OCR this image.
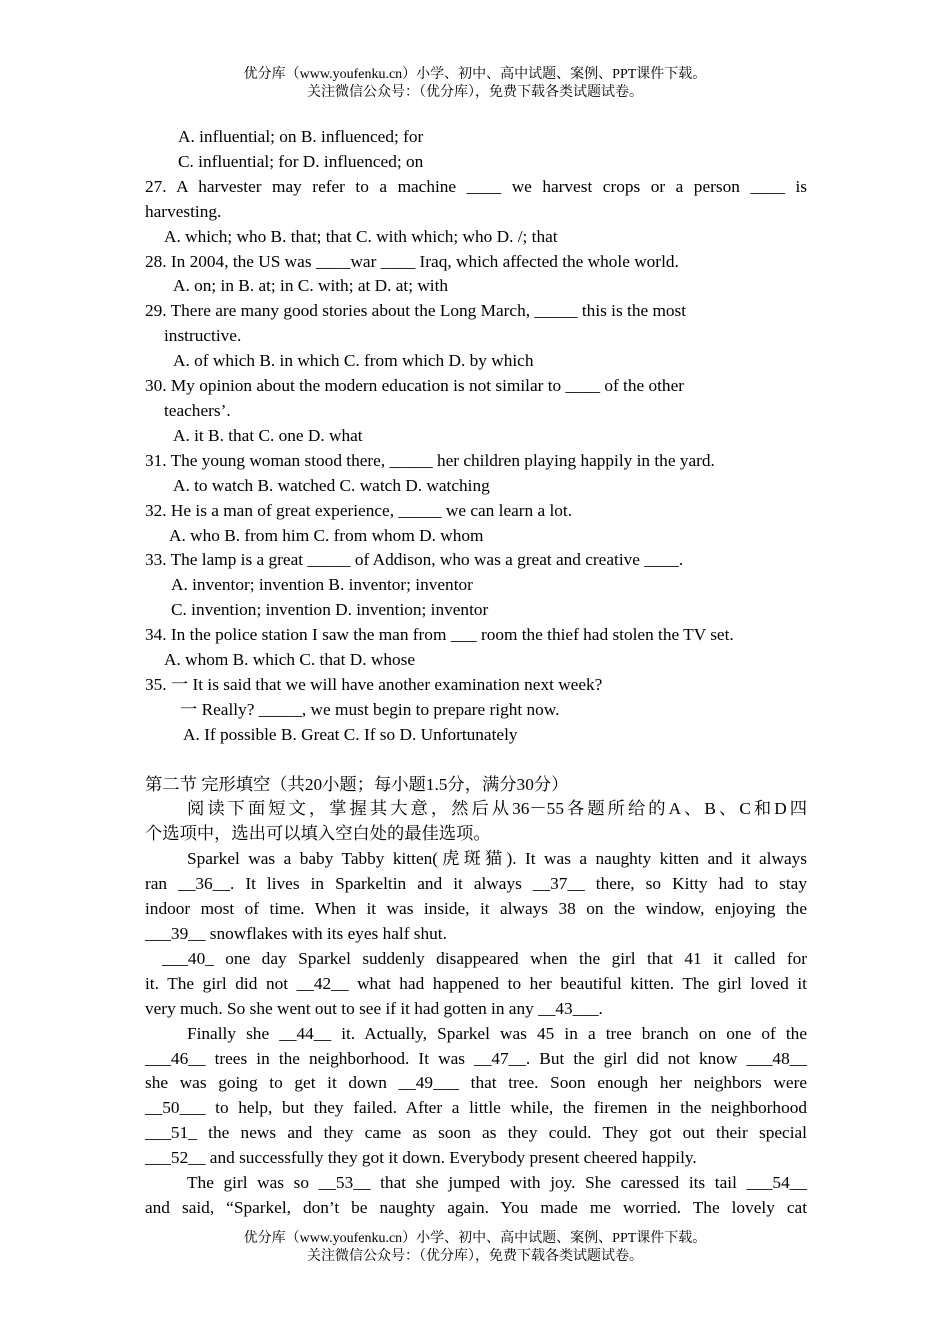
优分库（www.youfenku.cn）小学、初中、高中试题、案例、PPT课件下载。
关注微信公众号：（优分库），免费下载各类试题试卷。
A. influential; on B. influenced; for
C. influential; for D. influenced; on
27. A harvester may refer to a machine ____ we harvest crops or a person ____ is
harvesting.
A. which; who B. that; that C. with which; who D. /; that
28. In 2004, the US was ____war ____ Iraq, which affected the whole world.
A. on; in B. at; in C. with; at D. at; with
29. There are many good stories about the Long March, _____ this is the most
instructive.
A. of which B. in which C. from which D. by which
30. My opinion about the modern education is not similar to ____ of the other
teachers’.
A. it B. that C. one D. what
31. The young woman stood there, _____ her children playing happily in the yard.
A. to watch B. watched C. watch D. watching
32. He is a man of great experience, _____ we can learn a lot.
A. who B. from him C. from whom D. whom
33. The lamp is a great _____ of Addison, who was a great and creative ____.
A. inventor; invention B. inventor; inventor
C. invention; invention D. invention; inventor
34. In the police station I saw the man from ___ room the thief had stolen the TV set.
A. whom B. which C. that D. whose
35. 一 It is said that we will have another examination next week?
一 Really? _____, we must begin to prepare right now.
A. If possible B. Great C. If so D. Unfortunately
第二节 完形填空（共20小题；每小题1.5分，满分30分）
阅读下面短文，掌握其大意，然后从36－55各题所给的A、B、C和D四
个选项中，选出可以填入空白处的最佳选项。
Sparkel was a baby Tabby kitten(虎斑猫). It was a naughty kitten and it always
ran __36__. It lives in Sparkeltin and it always __37__ there, so Kitty had to stay
indoor most of time. When it was inside, it always 38 on the window, enjoying the
___39__ snowflakes with its eyes half shut.
___40_ one day Sparkel suddenly disappeared when the girl that 41 it called for
it. The girl did not __42__ what had happened to her beautiful kitten. The girl loved it
very much. So she went out to see if it had gotten in any __43___.
Finally she __44__ it. Actually, Sparkel was 45 in a tree branch on one of the
___46__ trees in the neighborhood. It was __47__. But the girl did not know ___48__
she was going to get it down __49___ that tree. Soon enough her neighbors were
__50___ to help, but they failed. After a little while, the firemen in the neighborhood
___51_ the news and they came as soon as they could. They got out their special
___52__ and successfully they got it down. Everybody present cheered happily.
The girl was so __53__ that she jumped with joy. She caressed its tail ___54__
and said, “Sparkel, don’t be naughty again. You made me worried. The lovely cat
优分库（www.youfenku.cn）小学、初中、高中试题、案例、PPT课件下载。
关注微信公众号：（优分库），免费下载各类试题试卷。
